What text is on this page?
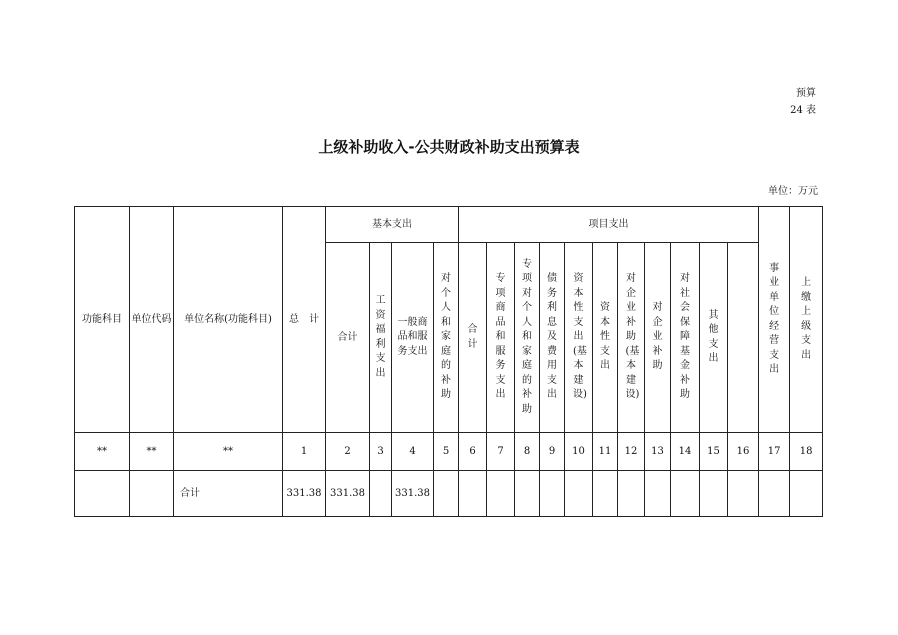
预算
24 表
上级补助收入-公共财政补助支出预算表
单位：万元
功能科目	单位代码	单位名称(功能科目)	总　计	基本支出				项目支出											事业单位经营支出	上缴上级支出	
				合计	工资福利支出	一般商品和服务支出	对个人和家庭的补助	合计	专项商品和服务支出	专项对个人和家庭的补助	债务利息及费用支出	资本性支出(基本建设)	资本性支出	对企业补助(基本建设)	对企业补助	对社会保障基金补助	其他支出				
**	**	**	1	2	3	4	5	6	7	8	9	10	11	12	13	14	15	16	17	18	
		合计	331.38	331.38		331.38															
